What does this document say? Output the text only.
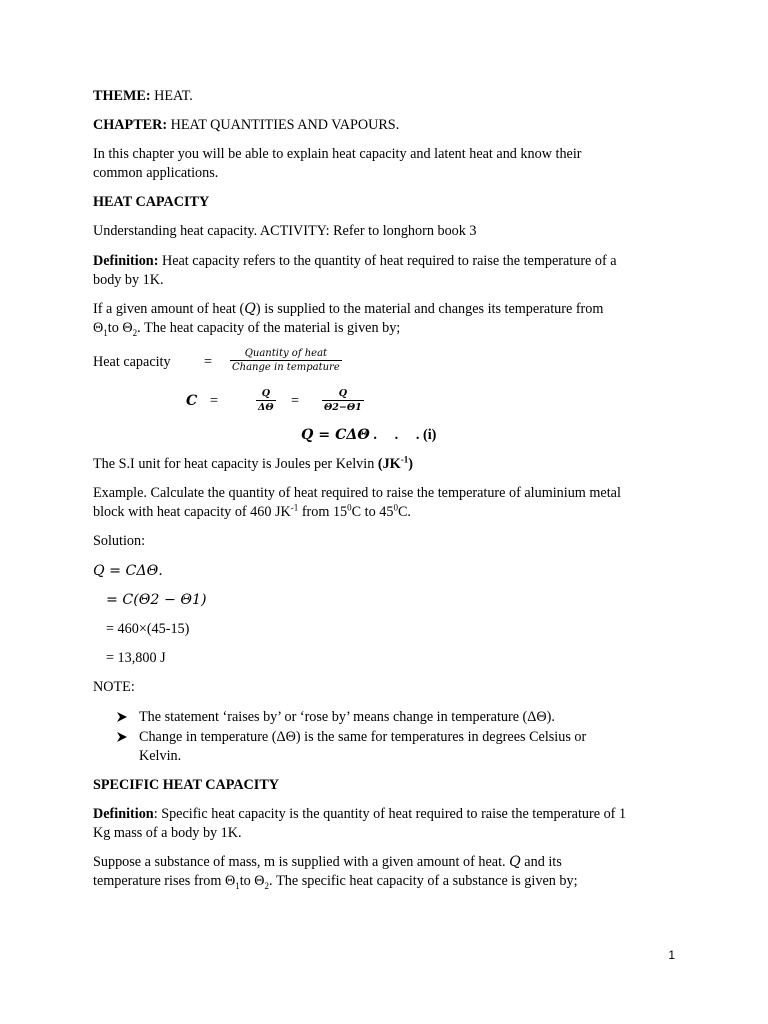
THEME: HEAT.
CHAPTER: HEAT QUANTITIES AND VAPOURS.
In this chapter you will be able to explain heat capacity and latent heat and know their
common applications.
HEAT CAPACITY
Understanding heat capacity. ACTIVITY: Refer to longhorn book 3
Definition: Heat capacity refers to the quantity of heat required to raise the temperature of a
body by 1K.
If a given amount of heat (Q) is supplied to the material and changes its temperature from
$\Theta_1to$ $\Theta_2$. The heat capacity of the material is given by;
Heat capacity =
Quantity of heat
Change in tempature
C =	$\frac{Q}{\Delta\Theta} = \frac{Q}{\Theta 2-\Theta 1}$
Q = CΔΘ .     .     . (i)
The S.I unit for heat capacity is Joules per Kelvin $(JK^{-1})$
Example. Calculate the quantity of heat required to raise the temperature of aluminium metal
block with heat capacity of 460 $JK^{-1}$ from $15^0C$ to $45^0C$.
Solution:
Q = CΔΘ.
= C(Θ2 − Θ1)
= 460×(45-15)
= 13,800 J
NOTE:
The statement ‘raises by’ or ‘rose by’ means change in temperature (ΔΘ).
Change in temperature (ΔΘ) is the same for temperatures in degrees Celsius or
Kelvin.
SPECIFIC HEAT CAPACITY
Definition: Specific heat capacity is the quantity of heat required to raise the temperature of 1
Kg mass of a body by 1K.
Suppose a substance of mass, m is supplied with a given amount of heat. Q and its
temperature rises from $\Theta_1to$ $\Theta_2$. The specific heat capacity of a substance is given by;
1
